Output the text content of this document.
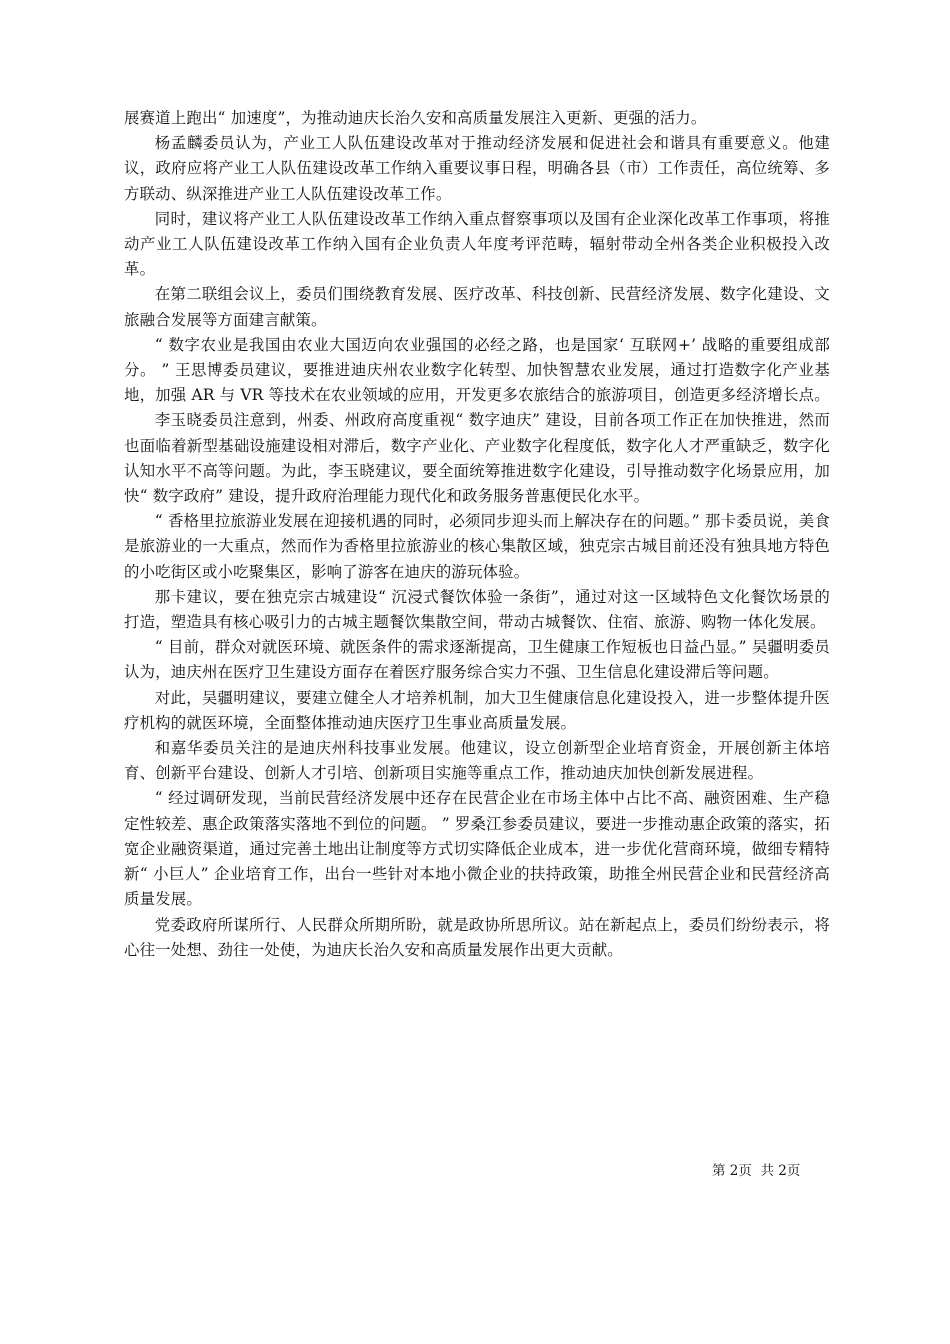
展赛道上跑出“ 加速度”，为推动迪庆长治久安和高质量发展注入更新、更强的活力。

杨孟麟委员认为，产业工人队伍建设改革对于推动经济发展和促进社会和谐具有重要意义。他建议，政府应将产业工人队伍建设改革工作纳入重要议事日程，明确各县（市）工作责任，高位统筹、多方联动、纵深推进产业工人队伍建设改革工作。

同时，建议将产业工人队伍建设改革工作纳入重点督察事项以及国有企业深化改革工作事项，将推动产业工人队伍建设改革工作纳入国有企业负责人年度考评范畴，辐射带动全州各类企业积极投入改革。

在第二联组会议上，委员们围绕教育发展、医疗改革、科技创新、民营经济发展、数字化建设、文旅融合发展等方面建言献策。

“ 数字农业是我国由农业大国迈向农业强国的必经之路，也是国家‘ 互联网+’ 战略的重要组成部分。 ” 王思博委员建议，要推进迪庆州农业数字化转型、加快智慧农业发展，通过打造数字化产业基地，加强 AR 与 VR 等技术在农业领域的应用，开发更多农旅结合的旅游项目，创造更多经济增长点。

李玉晓委员注意到，州委、州政府高度重视“ 数字迪庆” 建设，目前各项工作正在加快推进，然而也面临着新型基础设施建设相对滞后，数字产业化、产业数字化程度低，数字化人才严重缺乏，数字化认知水平不高等问题。为此，李玉晓建议，要全面统筹推进数字化建设，引导推动数字化场景应用，加快“ 数字政府” 建设，提升政府治理能力现代化和政务服务普惠便民化水平。

“ 香格里拉旅游业发展在迎接机遇的同时，必须同步迎头而上解决存在的问题。” 那卡委员说，美食是旅游业的一大重点，然而作为香格里拉旅游业的核心集散区域，独克宗古城目前还没有独具地方特色的小吃街区或小吃聚集区，影响了游客在迪庆的游玩体验。

那卡建议，要在独克宗古城建设“ 沉浸式餐饮体验一条街”，通过对这一区域特色文化餐饮场景的打造，塑造具有核心吸引力的古城主题餐饮集散空间，带动古城餐饮、住宿、旅游、购物一体化发展。

“ 目前，群众对就医环境、就医条件的需求逐渐提高，卫生健康工作短板也日益凸显。” 吴疆明委员认为，迪庆州在医疗卫生建设方面存在着医疗服务综合实力不强、卫生信息化建设滞后等问题。

对此，吴疆明建议，要建立健全人才培养机制，加大卫生健康信息化建设投入，进一步整体提升医疗机构的就医环境，全面整体推动迪庆医疗卫生事业高质量发展。

和嘉华委员关注的是迪庆州科技事业发展。他建议，设立创新型企业培育资金，开展创新主体培育、创新平台建设、创新人才引培、创新项目实施等重点工作，推动迪庆加快创新发展进程。

“ 经过调研发现，当前民营经济发展中还存在民营企业在市场主体中占比不高、融资困难、生产稳定性较差、惠企政策落实落地不到位的问题。 ” 罗桑江参委员建议，要进一步推动惠企政策的落实，拓宽企业融资渠道，通过完善土地出让制度等方式切实降低企业成本，进一步优化营商环境，做细专精特新“ 小巨人” 企业培育工作，出台一些针对本地小微企业的扶持政策，助推全州民营企业和民营经济高质量发展。

党委政府所谋所行、人民群众所期所盼，就是政协所思所议。站在新起点上，委员们纷纷表示，将心往一处想、劲往一处使，为迪庆长治久安和高质量发展作出更大贡献。

第 2页  共 2页
